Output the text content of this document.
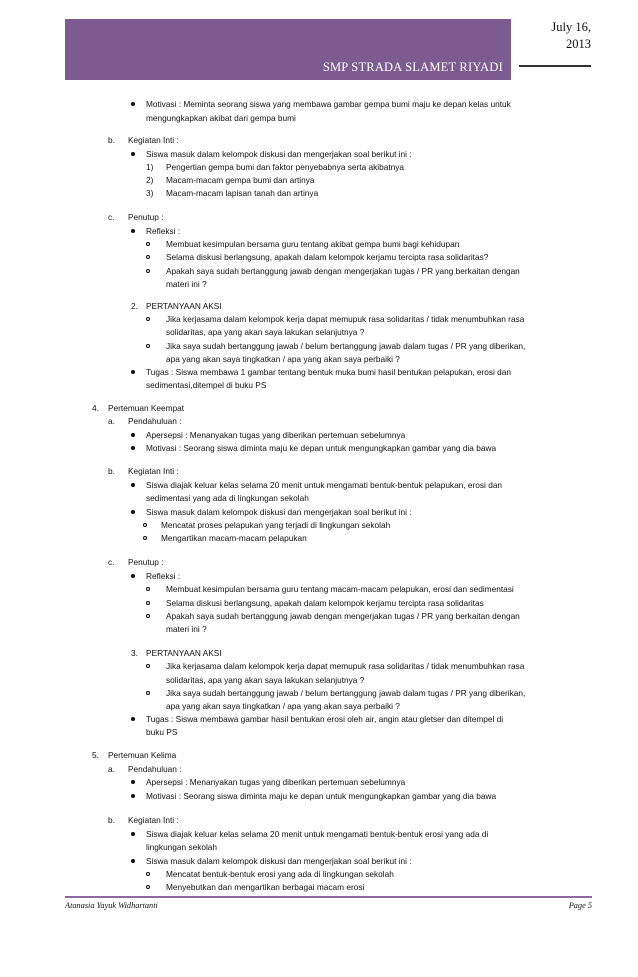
SMP STRADA SLAMET RIYADI
July 16,
2013
Motivasi : Meminta seorang siswa yang membawa gambar gempa bumi maju ke depan kelas untuk
mengungkapkan akibat dari gempa bumi
b. Kegiatan Inti :
Siswa masuk dalam kelompok diskusi dan mengerjakan soal berikut ini :
1) Pengertian gempa bumi dan faktor penyebabnya serta akibatnya
2) Macam-macam gempa bumi dan artinya
3) Macam-macam lapisan tanah dan artinya
c. Penutup :
Refleksi :
Membuat kesimpulan bersama guru tentang akibat gempa bumi bagi kehidupan
Selama diskusi berlangsung, apakah dalam kelompok kerjamu tercipta rasa solidaritas?
Apakah saya sudah bertanggung jawab dengan mengerjakan tugas / PR yang berkaitan dengan
materi ini ?
2. PERTANYAAN AKSI
Jika kerjasama dalam kelompok kerja dapat memupuk rasa solidaritas / tidak menumbuhkan rasa
solidaritas, apa yang akan saya lakukan selanjutnya ?
Jika saya sudah bertanggung jawab / belum bertanggung jawab dalam tugas / PR yang diberikan,
apa yang akan saya tingkatkan / apa yang akan saya perbaiki ?
Tugas : Siswa membawa 1 gambar tentang bentuk muka bumi hasil bentukan pelapukan, erosi dan
sedimentasi,ditempel di buku PS
4. Pertemuan Keempat
a. Pendahuluan :
Apersepsi : Menanyakan tugas yang diberikan pertemuan sebelumnya
Motivasi : Seorang siswa diminta maju ke depan untuk mengungkapkan gambar yang dia bawa
b. Kegiatan Inti :
Siswa diajak keluar kelas selama 20 menit untuk mengamati bentuk-bentuk pelapukan, erosi dan
sedimentasi yang ada di lingkungan sekolah
Siswa masuk dalam kelompok diskusi dan mengerjakan soal berikut ini :
Mencatat proses pelapukan yang terjadi di lingkungan sekolah
Mengartikan macam-macam pelapukan
c. Penutup :
Refleksi :
Membuat kesimpulan bersama guru tentang macam-macam pelapukan, erosi dan sedimentasi
Selama diskusi berlangsung, apakah dalam kelompok kerjamu tercipta rasa solidaritas
Apakah saya sudah bertanggung jawab dengan mengerjakan tugas / PR yang berkaitan dengan
materi ini ?
3. PERTANYAAN AKSI
Jika kerjasama dalam kelompok kerja dapat memupuk rasa solidaritas / tidak menumbuhkan rasa
solidaritas, apa yang akan saya lakukan selanjutnya ?
Jika saya sudah bertanggung jawab / belum bertanggung jawab dalam tugas / PR yang diberikan,
apa yang akan saya tingkatkan / apa yang akan saya perbaiki ?
Tugas : Siswa membawa gambar hasil bentukan erosi oleh air, angin atau gletser dan ditempel di
buku PS
5. Pertemuan Kelima
a. Pendahuluan :
Apersepsi : Menanyakan tugas yang diberikan pertemuan sebelumnya
Motivasi : Seorang siswa diminta maju ke depan untuk mengungkapkan gambar yang dia bawa
b. Kegiatan Inti :
Siswa diajak keluar kelas selama 20 menit untuk mengamati bentuk-bentuk erosi yang ada di
lingkungan sekolah
Siswa masuk dalam kelompok diskusi dan mengerjakan soal berikut ini :
Mencatat bentuk-bentuk erosi yang ada di lingkungan sekolah
Menyebutkan dan mengartikan berbagai macam erosi
Atanasia Yayuk Widhartanti	Page 5
